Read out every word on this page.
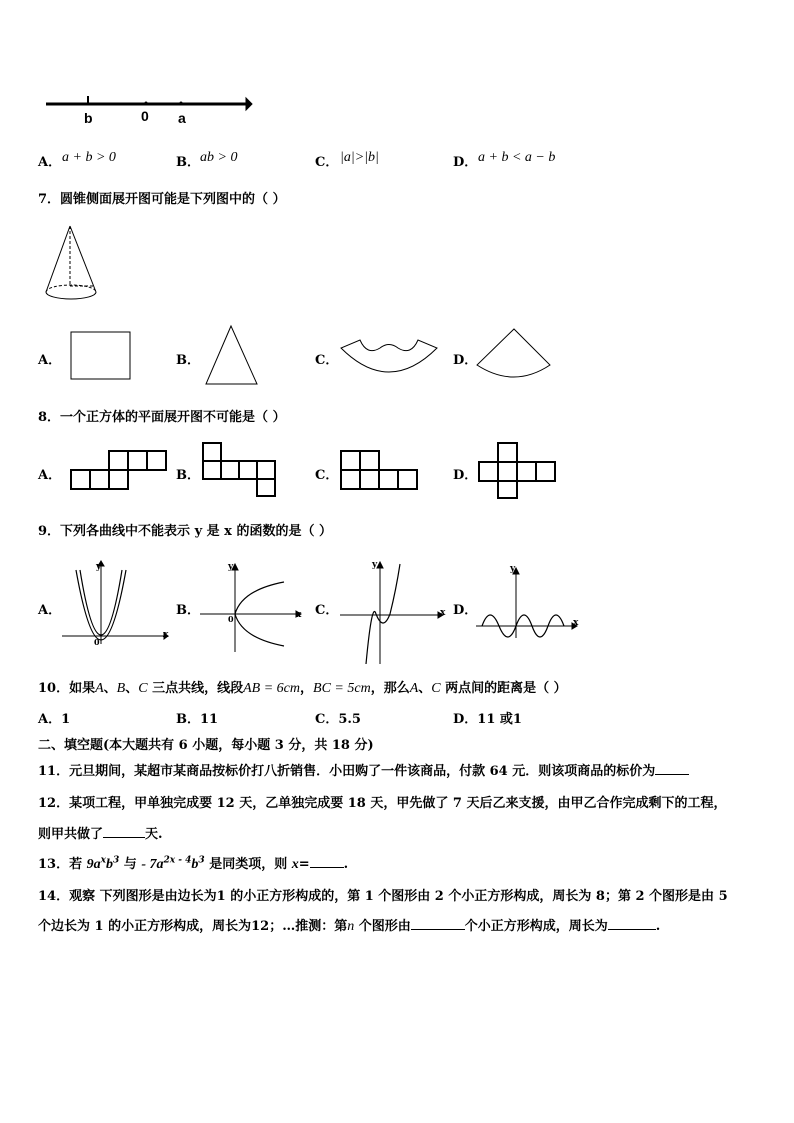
b	0 a
A． a + b > 0	B． ab > 0	C． |a|>|b|	D． a + b < a − b
7．圆锥侧面展开图可能是下列图中的（ ）
A．	B．	C．	D．
8．一个正方体的平面展开图不可能是（ ）
A．	B．	C．	D．
9．下列各曲线中不能表示 y 是 x 的函数的是（ ）
A．
y
x
0
B．
y
x
0
C．
y
x D．
y
x
10．如果A、B、C 三点共线，线段AB = 6cm，BC = 5cm，那么A、C 两点间的距离是（ ）
A．1	B．11	C．5.5	D．11 或1
二、填空题(本大题共有 6 小题，每小题 3 分，共 18 分)
11．元旦期间，某超市某商品按标价打八折销售．小田购了一件该商品，付款 64 元．则该项商品的标价为
12．某项工程，甲单独完成要 12 天，乙单独完成要 18 天，甲先做了 7 天后乙来支援，由甲乙合作完成剩下的工程，
则甲共做了	天.
13．若 $9a^xb^3$ 与 - $7a^{2x - 4}b^3$ 是同类项，则 x=	.
14．观察 下列图形是由边长为1 的小正方形构成的，第 1 个图形由 2 个小正方形构成，周长为 8；第 2 个图形是由 5
个边长为 1 的小正方形构成，周长为12；…推测：第n 个图形由	个小正方形构成，周长为	.
